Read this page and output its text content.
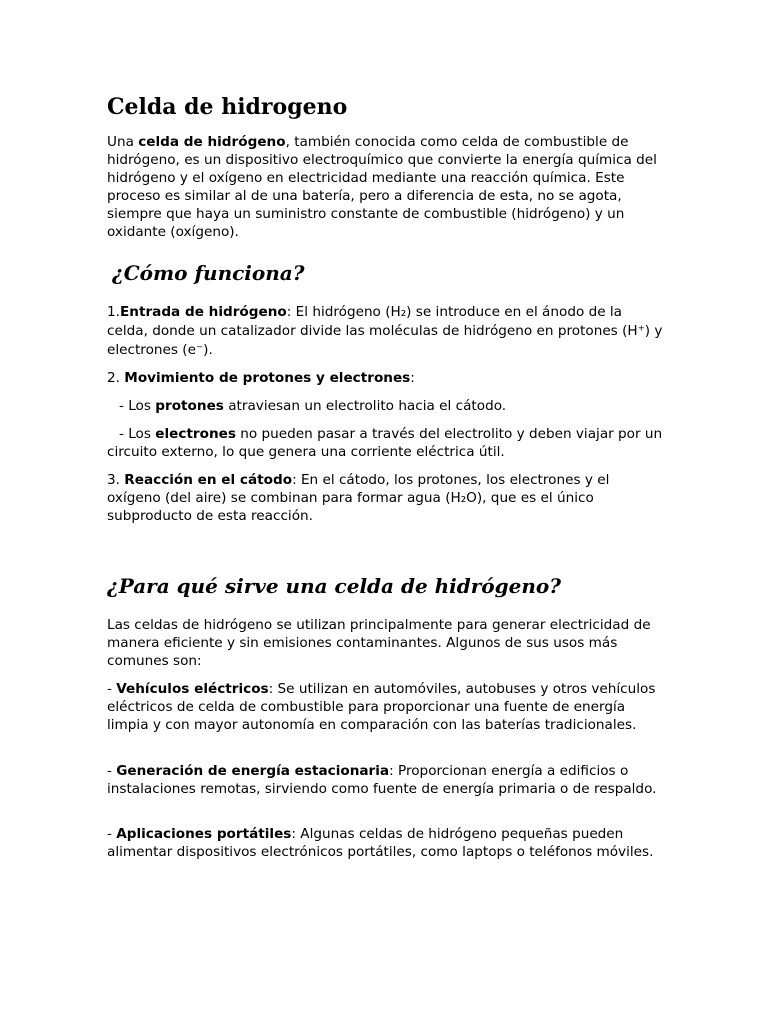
Celda de hidrogeno

Una celda de hidrógeno, también conocida como celda de combustible de hidrógeno, es un dispositivo electroquímico que convierte la energía química del hidrógeno y el oxígeno en electricidad mediante una reacción química. Este proceso es similar al de una batería, pero a diferencia de esta, no se agota, siempre que haya un suministro constante de combustible (hidrógeno) y un oxidante (oxígeno).

¿Cómo funciona?

1.Entrada de hidrógeno: El hidrógeno (H₂) se introduce en el ánodo de la celda, donde un catalizador divide las moléculas de hidrógeno en protones (H⁺) y electrones (e⁻).

2. Movimiento de protones y electrones:

- Los protones atraviesan un electrolito hacia el cátodo.

- Los electrones no pueden pasar a través del electrolito y deben viajar por un circuito externo, lo que genera una corriente eléctrica útil.

3. Reacción en el cátodo: En el cátodo, los protones, los electrones y el oxígeno (del aire) se combinan para formar agua (H₂O), que es el único subproducto de esta reacción.

¿Para qué sirve una celda de hidrógeno?

Las celdas de hidrógeno se utilizan principalmente para generar electricidad de manera eficiente y sin emisiones contaminantes. Algunos de sus usos más comunes son:

- Vehículos eléctricos: Se utilizan en automóviles, autobuses y otros vehículos eléctricos de celda de combustible para proporcionar una fuente de energía limpia y con mayor autonomía en comparación con las baterías tradicionales.

- Generación de energía estacionaria: Proporcionan energía a edificios o instalaciones remotas, sirviendo como fuente de energía primaria o de respaldo.

- Aplicaciones portátiles: Algunas celdas de hidrógeno pequeñas pueden alimentar dispositivos electrónicos portátiles, como laptops o teléfonos móviles.
